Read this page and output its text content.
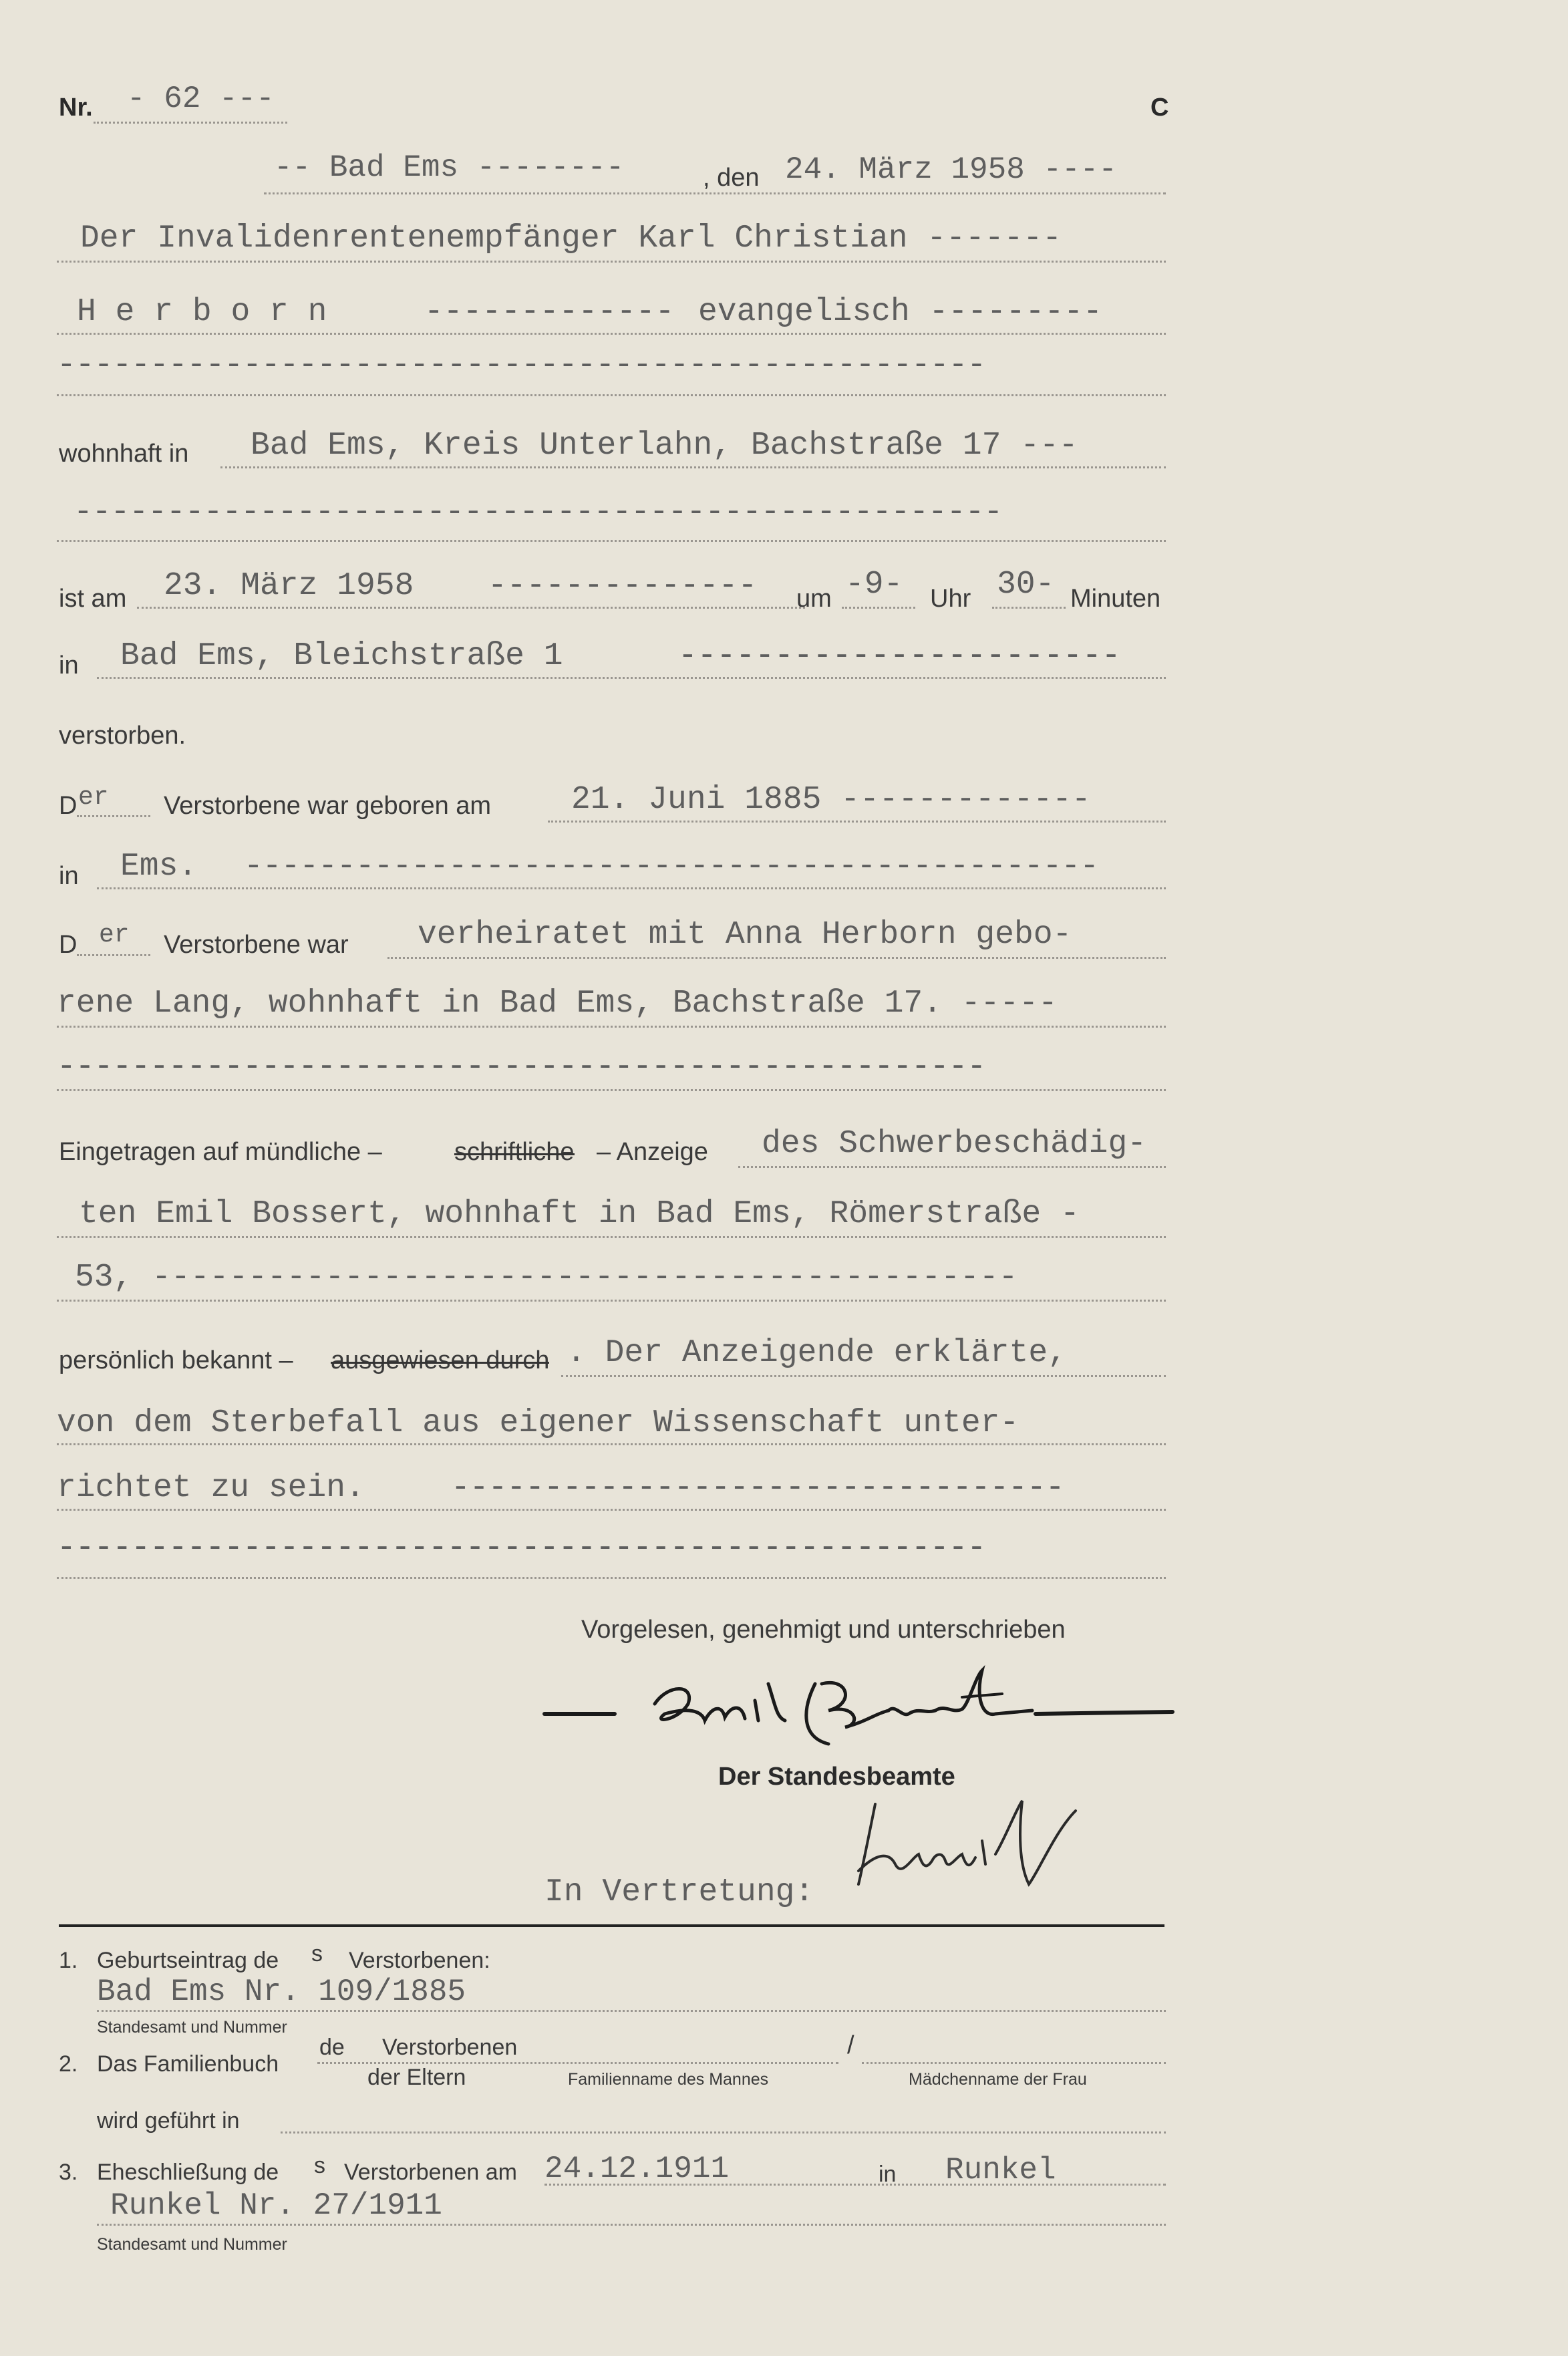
Nr. - 62 ---	C
-- Bad Ems --------	, den 24. März 1958 ----
Der Invalidenrentenempfänger Karl Christian -------
H e r b o r n	------------- evangelisch ---------
--------------------------------------------------
wohnhaft in Bad Ems, Kreis Unterlahn, Bachstraße 17 ---
--------------------------------------------------
ist am 23. März 1958 -------------- um -9- Uhr 30- Minuten
in Bad Ems, Bleichstraße 1	-----------------------
verstorben.
D er Verstorbene war geboren am 21. Juni 1885 -------------
in Ems. ----------------------------------------------
D er Verstorbene war verheiratet mit Anna Herborn gebo-
rene Lang, wohnhaft in Bad Ems, Bachstraße 17. -----
--------------------------------------------------
Eingetragen auf mündliche –	schriftliche – Anzeige des Schwerbeschädig-
ten Emil Bossert, wohnhaft in Bad Ems, Römerstraße -
53, ---------------------------------------------
persönlich bekannt – ausgewiesen durch . Der Anzeigende erklärte,
von dem Sterbefall aus eigener Wissenschaft unter-
richtet zu sein.	---------------------------------
--------------------------------------------------
Vorgelesen, genehmigt und unterschrieben
Der Standesbeamte
In Vertretung:
1. Geburtseintrag de s Verstorbenen:
Bad Ems Nr. 109/1885
Standesamt und Nummer
2. Das Familienbuch
de Verstorbenen	/
der Eltern	Familienname des Mannes	Mädchenname der Frau
wird geführt in
3. Eheschließung de s Verstorbenen am 24.12.1911	in Runkel
Runkel Nr. 27/1911
Standesamt und Nummer
